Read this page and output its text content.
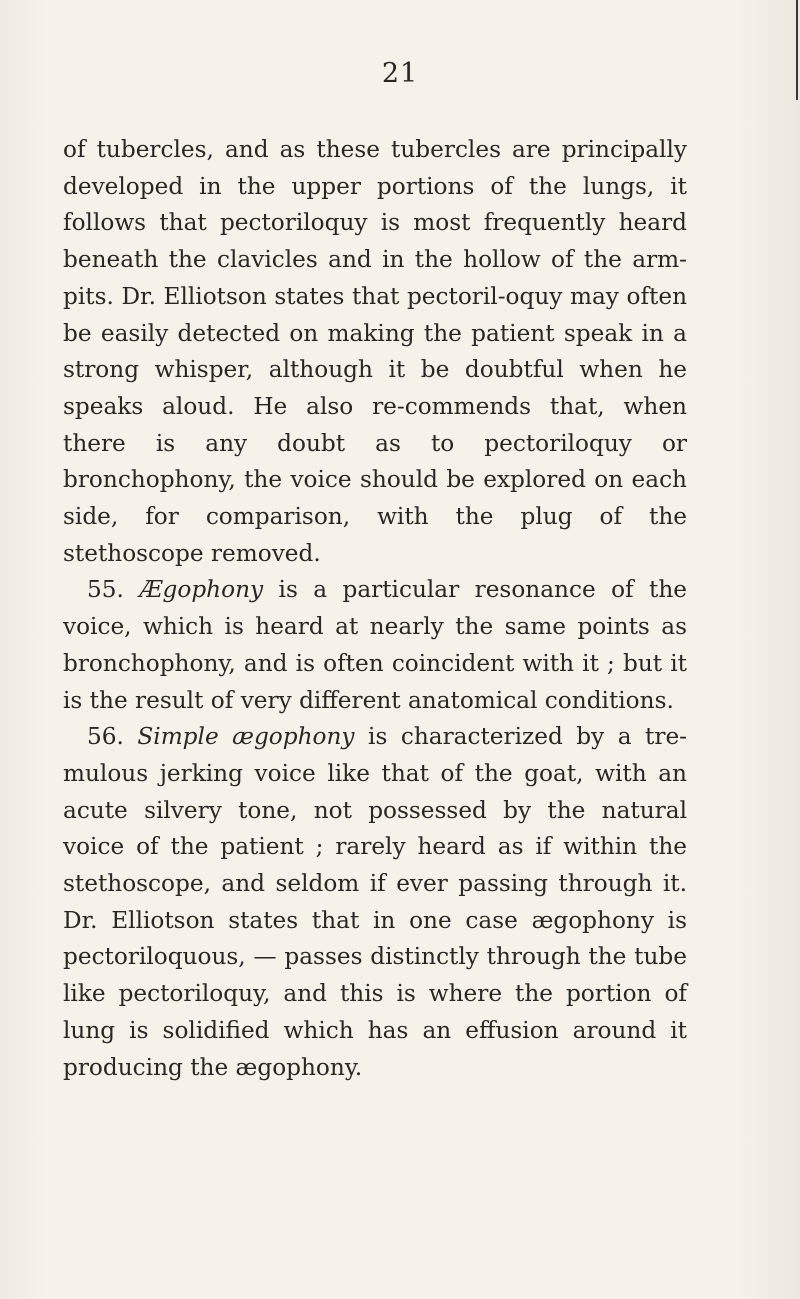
21

of tubercles, and as these tubercles are principally developed in the upper portions of the lungs, it follows that pectoriloquy is most frequently heard beneath the clavicles and in the hollow of the arm-pits. Dr. Elliotson states that pectoril-oquy may often be easily detected on making the patient speak in a strong whisper, although it be doubtful when he speaks aloud. He also re-commends that, when there is any doubt as to pectoriloquy or bronchophony, the voice should be explored on each side, for comparison, with the plug of the stethoscope removed.

55. Ægophony is a particular resonance of the voice, which is heard at nearly the same points as bronchophony, and is often coincident with it ; but it is the result of very different anatomical conditions.

56. Simple ægophony is characterized by a tre-mulous jerking voice like that of the goat, with an acute silvery tone, not possessed by the natural voice of the patient ; rarely heard as if within the stethoscope, and seldom if ever passing through it. Dr. Elliotson states that in one case ægophony is pectoriloquous, — passes distinctly through the tube like pectoriloquy, and this is where the portion of lung is solidified which has an effusion around it producing the ægophony.
